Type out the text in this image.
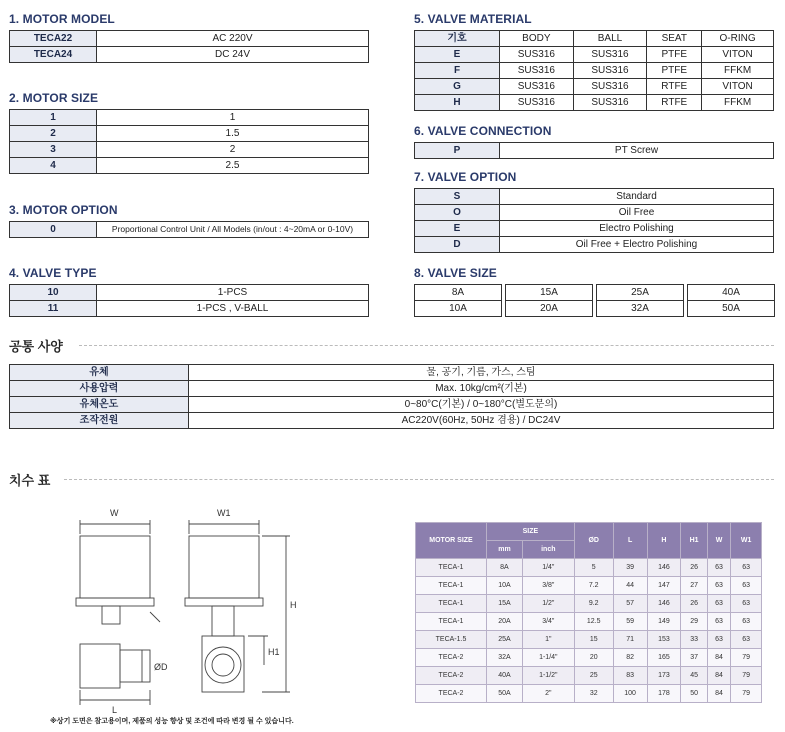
1. MOTOR MODEL
2. MOTOR SIZE
3. MOTOR OPTION
4. VALVE TYPE
5. VALVE MATERIAL
6. VALVE CONNECTION
7. VALVE OPTION
8. VALVE SIZE
TECA22	AC 220V
TECA24	DC 24V
1	1
2	1.5
3	2
4	2.5
0	Proportional Control Unit / All Models (in/out : 4~20mA or 0-10V)
10	1-PCS
11	1-PCS , V-BALL
기호	BODY	BALL	SEAT	O-RING
E	SUS316	SUS316	PTFE	VITON
F	SUS316	SUS316	PTFE	FFKM
G	SUS316	SUS316	RTFE	VITON
H	SUS316	SUS316	RTFE	FFKM
P	PT Screw
S	Standard
O	Oil Free
E	Electro Polishing
D	Oil Free + Electro Polishing
8A	15A	25A	40A
10A	20A	32A	50A
공통 사양
유체	물, 공기, 기름, 가스, 스팀
사용압력	Max. 10kg/cm²(기본)
유체온도	0~80°C(기본) / 0~180°C(별도문의)
조작전원	AC220V(60Hz, 50Hz 겸용) / DC24V
치수 표
W	W1
L
ØD
H
H1
MOTOR SIZE	SIZE		ØD	L	H	H1	W	W1
	mm	inch						
TECA-1	8A	1/4"	5	39	146	26	63	63
TECA-1	10A	3/8"	7.2	44	147	27	63	63
TECA-1	15A	1/2"	9.2	57	146	26	63	63
TECA-1	20A	3/4"	12.5	59	149	29	63	63
TECA-1.5	25A	1"	15	71	153	33	63	63
TECA-2	32A	1-1/4"	20	82	165	37	84	79
TECA-2	40A	1-1/2"	25	83	173	45	84	79
TECA-2	50A	2"	32	100	178	50	84	79
※상기 도면은 참고용이며, 제품의 성능 향상 및 조건에 따라 변경 될 수 있습니다.
